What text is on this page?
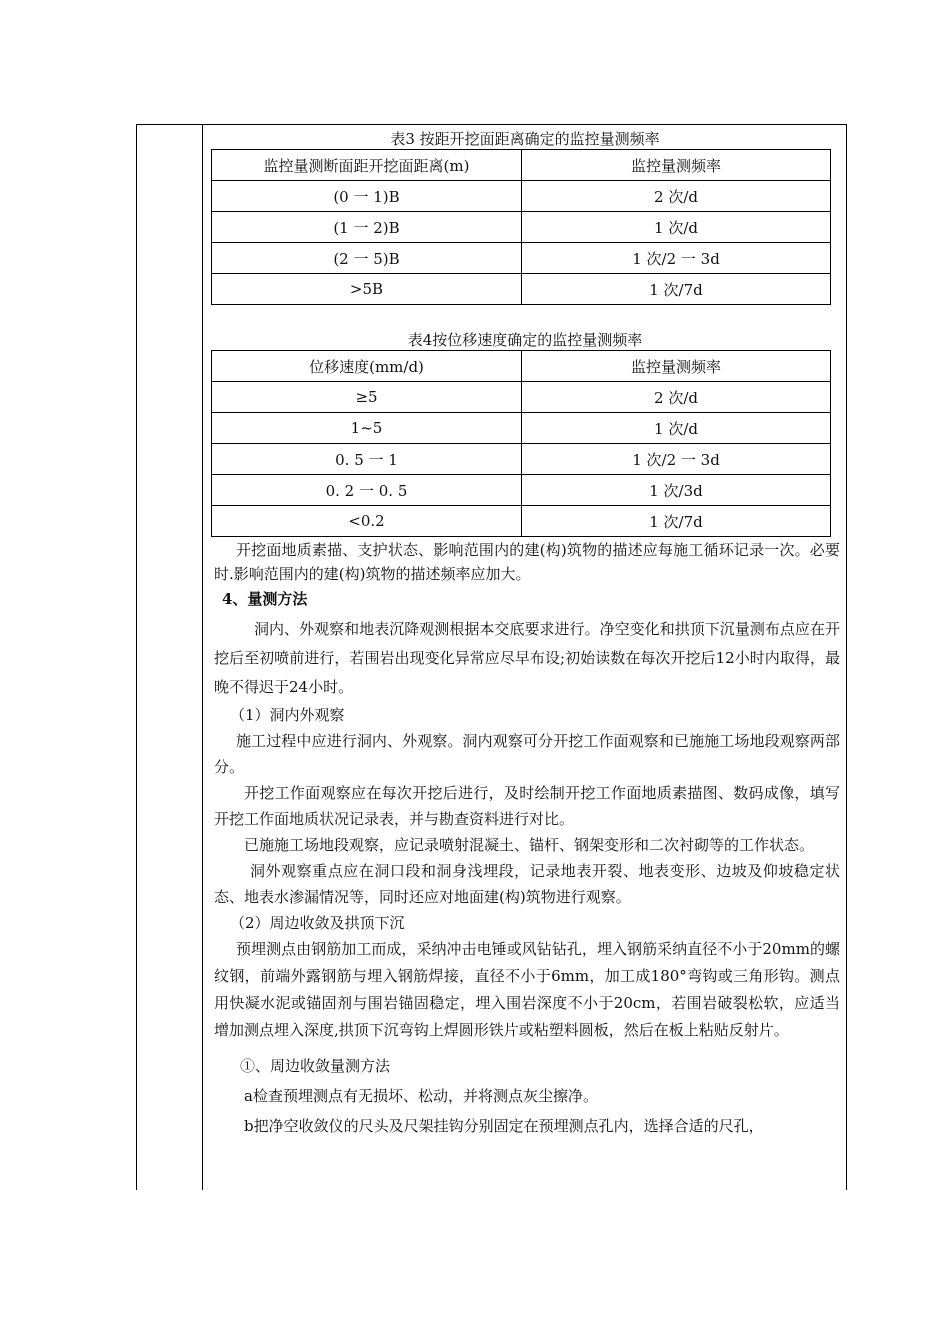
表3 按距开挖面距离确定的监控量测频率
监控量测断面距开挖面距离(m)	监控量测频率
(0 一 1)B	2 次/d
(1 一 2)B	1 次/d
(2 一 5)B	1 次/2 一 3d
>5B	1 次/7d
表4按位移速度确定的监控量测频率
位移速度(mm/d)	监控量测频率
≥5	2 次/d
1~5	1 次/d
0. 5 一 1	1 次/2 一 3d
0. 2 一 0. 5	1 次/3d
<0.2	1 次/7d
开挖面地质素描、支护状态、影响范围内的建(构)筑物的描述应每施工循环记录一次。必要时.影响范围内的建(构)筑物的描述频率应加大。
4、量测方法
洞内、外观察和地表沉降观测根据本交底要求进行。净空变化和拱顶下沉量测布点应在开挖后至初喷前进行，若围岩出现变化异常应尽早布设;初始读数在每次开挖后12小时内取得，最晚不得迟于24小时。
（1）洞内外观察
施工过程中应进行洞内、外观察。洞内观察可分开挖工作面观察和已施施工场地段观察两部分。
开挖工作面观察应在每次开挖后进行，及时绘制开挖工作面地质素描图、数码成像，填写开挖工作面地质状况记录表，并与勘查资料进行对比。
已施施工场地段观察，应记录喷射混凝土、锚杆、钢架变形和二次衬砌等的工作状态。
洞外观察重点应在洞口段和洞身浅埋段，记录地表开裂、地表变形、边坡及仰坡稳定状态、地表水渗漏情况等，同时还应对地面建(构)筑物进行观察。
（2）周边收敛及拱顶下沉
预埋测点由钢筋加工而成，采纳冲击电锤或风钻钻孔，埋入钢筋采纳直径不小于20mm的螺纹钢，前端外露钢筋与埋入钢筋焊接，直径不小于6mm，加工成180°弯钩或三角形钩。测点用快凝水泥或锚固剂与围岩锚固稳定，埋入围岩深度不小于20cm，若围岩破裂松软，应适当增加测点埋入深度,拱顶下沉弯钩上焊圆形铁片或粘塑料圆板，然后在板上粘贴反射片。
①、周边收敛量测方法
a检查预埋测点有无损坏、松动，并将测点灰尘擦净。
b把净空收敛仪的尺头及尺架挂钩分别固定在预埋测点孔内，选择合适的尺孔，
